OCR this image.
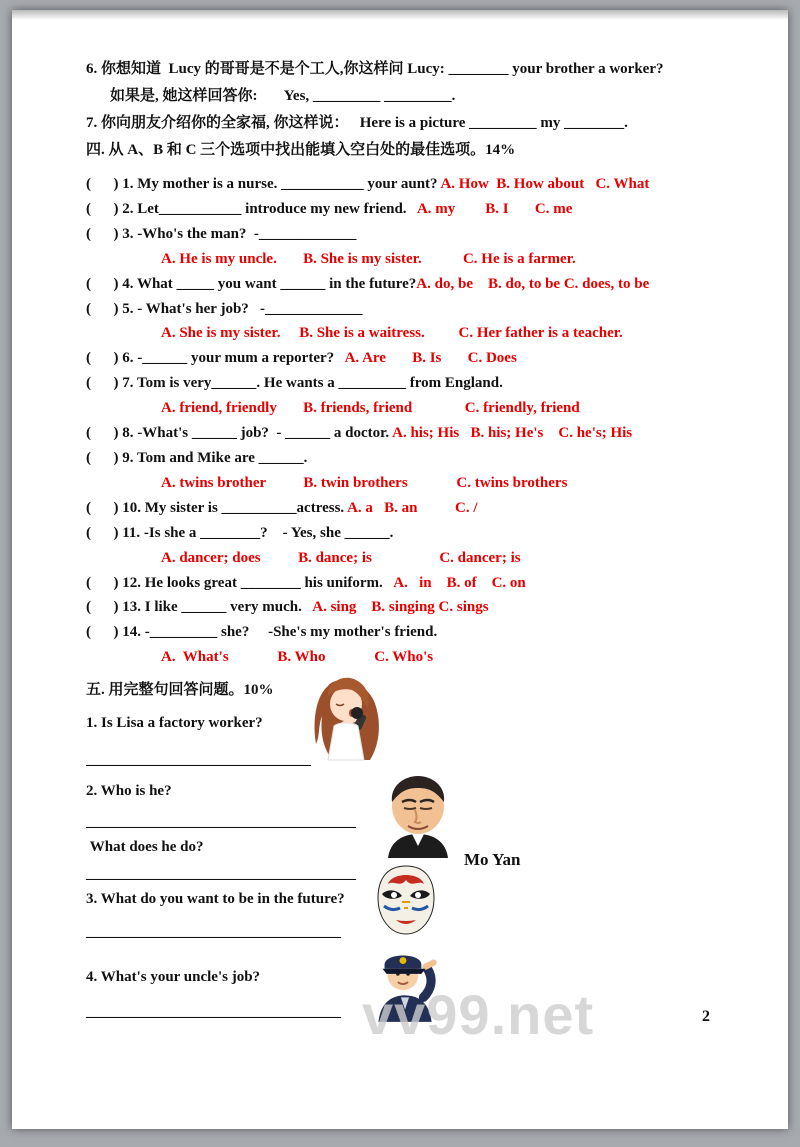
6. 你想知道  Lucy 的哥哥是不是个工人,你这样问 Lucy: ________ your brother a worker?
如果是, 她这样回答你:       Yes, _________ _________.
7. 你向朋友介绍你的全家福, 你这样说：   Here is a picture _________ my ________.
四. 从 A、B 和 C 三个选项中找出能填入空白处的最佳选项。14%
(      ) 1. My mother is a nurse. ___________ your aunt? A. How  B. How about   C. What
(      ) 2. Let___________ introduce my new friend.   A. my        B. I       C. me
(      ) 3. -Who's the man?  -_____________
A. He is my uncle.       B. She is my sister.           C. He is a farmer.
(      ) 4. What _____ you want ______ in the future?A. do, be    B. do, to be C. does, to be
(      ) 5. - What's her job?   -_____________
A. She is my sister.     B. She is a waitress.         C. Her father is a teacher.
(      ) 6. -______ your mum a reporter?   A. Are       B. Is       C. Does
(      ) 7. Tom is very______. He wants a _________ from England.
A. friend, friendly       B. friends, friend              C. friendly, friend
(      ) 8. -What's ______ job?  - ______ a doctor. A. his; His   B. his; He's    C. he's; His
(      ) 9. Tom and Mike are ______.
A. twins brother          B. twin brothers             C. twins brothers
(      ) 10. My sister is __________actress. A. a   B. an          C. /
(      ) 11. -Is she a ________?    - Yes, she ______.
A. dancer; does          B. dance; is                  C. dancer; is
(      ) 12. He looks great ________ his uniform.   A.   in    B. of    C. on
(      ) 13. I like ______ very much.   A. sing    B. singing C. sings
(      ) 14. -_________ she?     -She's my mother's friend.
A.  What's             B. Who             C. Who's
五. 用完整句回答问题。10%
1. Is Lisa a factory worker?
______________________________
2. Who is he?
____________________________________
What does he do?
____________________________________
3. What do you want to be in the future?
__________________________________
4. What's your uncle's job?
__________________________________
Mo Yan
vv99.net	2
